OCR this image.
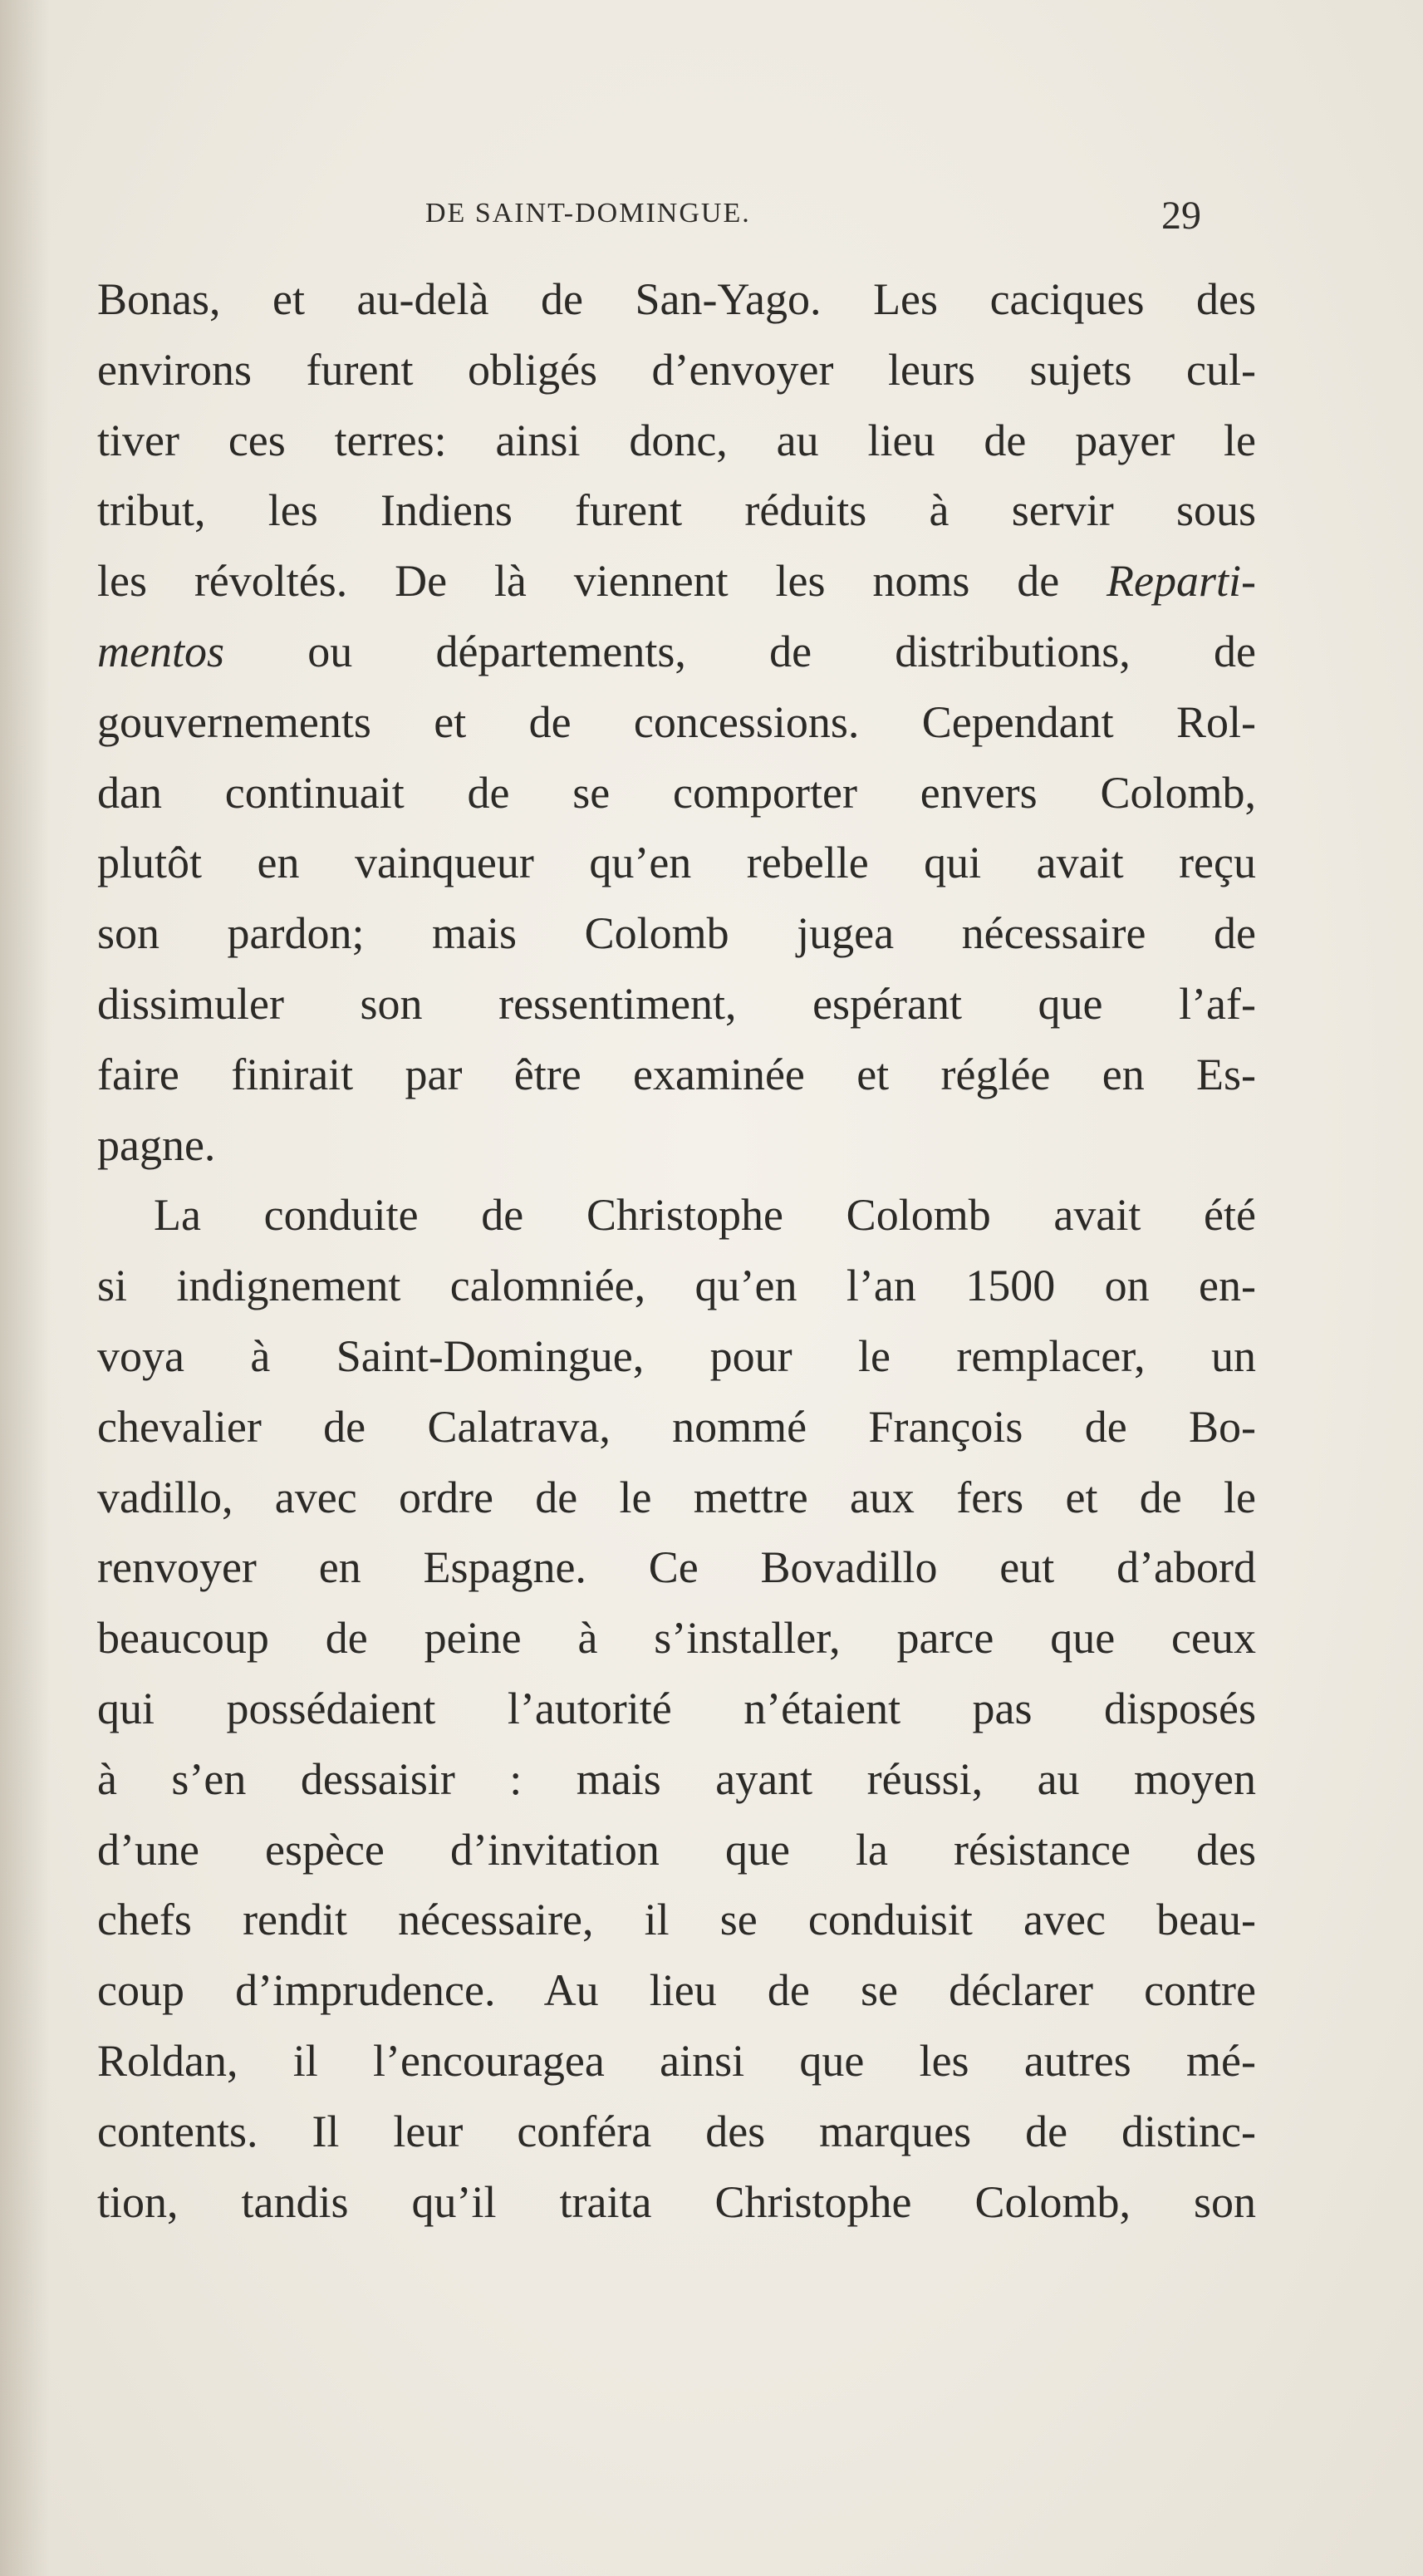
DE SAINT-DOMINGUE.	29
Bonas, et au-delà de San-Yago. Les caciques des
environs furent obligés d’envoyer leurs sujets cul-
tiver ces terres: ainsi donc, au lieu de payer le
tribut, les Indiens furent réduits à servir sous
les révoltés. De là viennent les noms de Reparti-
mentos ou départements, de distributions, de
gouvernements et de concessions. Cependant Rol-
dan continuait de se comporter envers Colomb,
plutôt en vainqueur qu’en rebelle qui avait reçu
son pardon; mais Colomb jugea nécessaire de
dissimuler son ressentiment, espérant que l’af-
faire finirait par être examinée et réglée en Es-
pagne.
La conduite de Christophe Colomb avait été
si indignement calomniée, qu’en l’an 1500 on en-
voya à Saint-Domingue, pour le remplacer, un
chevalier de Calatrava, nommé François de Bo-
vadillo, avec ordre de le mettre aux fers et de le
renvoyer en Espagne. Ce Bovadillo eut d’abord
beaucoup de peine à s’installer, parce que ceux
qui possédaient l’autorité n’étaient pas disposés
à s’en dessaisir : mais ayant réussi, au moyen
d’une espèce d’invitation que la résistance des
chefs rendit nécessaire, il se conduisit avec beau-
coup d’imprudence. Au lieu de se déclarer contre
Roldan, il l’encouragea ainsi que les autres mé-
contents. Il leur conféra des marques de distinc-
tion, tandis qu’il traita Christophe Colomb, son
